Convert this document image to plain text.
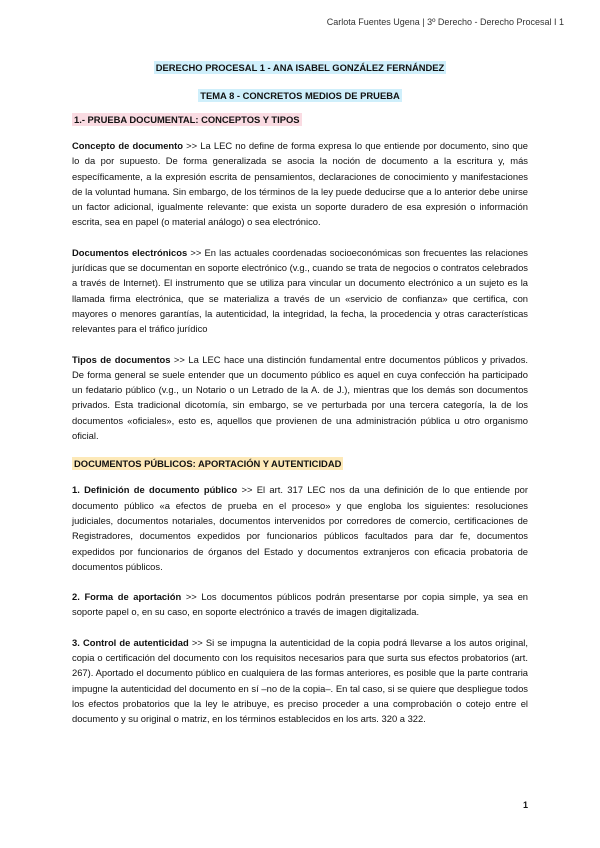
Carlota Fuentes Ugena | 3º Derecho - Derecho Procesal I 1
DERECHO PROCESAL 1 - ANA ISABEL GONZÁLEZ FERNÁNDEZ
TEMA 8 - CONCRETOS MEDIOS DE PRUEBA
1.- PRUEBA DOCUMENTAL: CONCEPTOS Y TIPOS

Concepto de documento >> La LEC no define de forma expresa lo que entiende por documento, sino que lo da por supuesto. De forma generalizada se asocia la noción de documento a la escritura y, más específicamente, a la expresión escrita de pensamientos, declaraciones de conocimiento y manifestaciones de la voluntad humana. Sin embargo, de los términos de la ley puede deducirse que a lo anterior debe unirse un factor adicional, igualmente relevante: que exista un soporte duradero de esa expresión o información escrita, sea en papel (o material análogo) o sea electrónico.

Documentos electrónicos >> En las actuales coordenadas socioeconómicas son frecuentes las relaciones jurídicas que se documentan en soporte electrónico (v.g., cuando se trata de negocios o contratos celebrados a través de Internet). El instrumento que se utiliza para vincular un documento electrónico a un sujeto es la llamada firma electrónica, que se materializa a través de un «servicio de confianza» que certifica, con mayores o menores garantías, la autenticidad, la integridad, la fecha, la procedencia y otras características relevantes para el tráfico jurídico

Tipos de documentos >> La LEC hace una distinción fundamental entre documentos públicos y privados. De forma general se suele entender que un documento público es aquel en cuya confección ha participado un fedatario público (v.g., un Notario o un Letrado de la A. de J.), mientras que los demás son documentos privados. Esta tradicional dicotomía, sin embargo, se ve perturbada por una tercera categoría, la de los documentos «oficiales», esto es, aquellos que provienen de una administración pública u otro organismo oficial.

DOCUMENTOS PÚBLICOS: APORTACIÓN Y AUTENTICIDAD

1. Definición de documento público >> El art. 317 LEC nos da una definición de lo que entiende por documento público «a efectos de prueba en el proceso» y que engloba los siguientes: resoluciones judiciales, documentos notariales, documentos intervenidos por corredores de comercio, certificaciones de Registradores, documentos expedidos por funcionarios públicos facultados para dar fe, documentos expedidos por funcionarios de órganos del Estado y documentos extranjeros con eficacia probatoria de documentos públicos.

2. Forma de aportación >> Los documentos públicos podrán presentarse por copia simple, ya sea en soporte papel o, en su caso, en soporte electrónico a través de imagen digitalizada.

3. Control de autenticidad >> Si se impugna la autenticidad de la copia podrá llevarse a los autos original, copia o certificación del documento con los requisitos necesarios para que surta sus efectos probatorios (art. 267). Aportado el documento público en cualquiera de las formas anteriores, es posible que la parte contraria impugne la autenticidad del documento en sí –no de la copia–. En tal caso, si se quiere que despliegue todos los efectos probatorios que la ley le atribuye, es preciso proceder a una comprobación o cotejo entre el documento y su original o matriz, en los términos establecidos en los arts. 320 a 322.

1
